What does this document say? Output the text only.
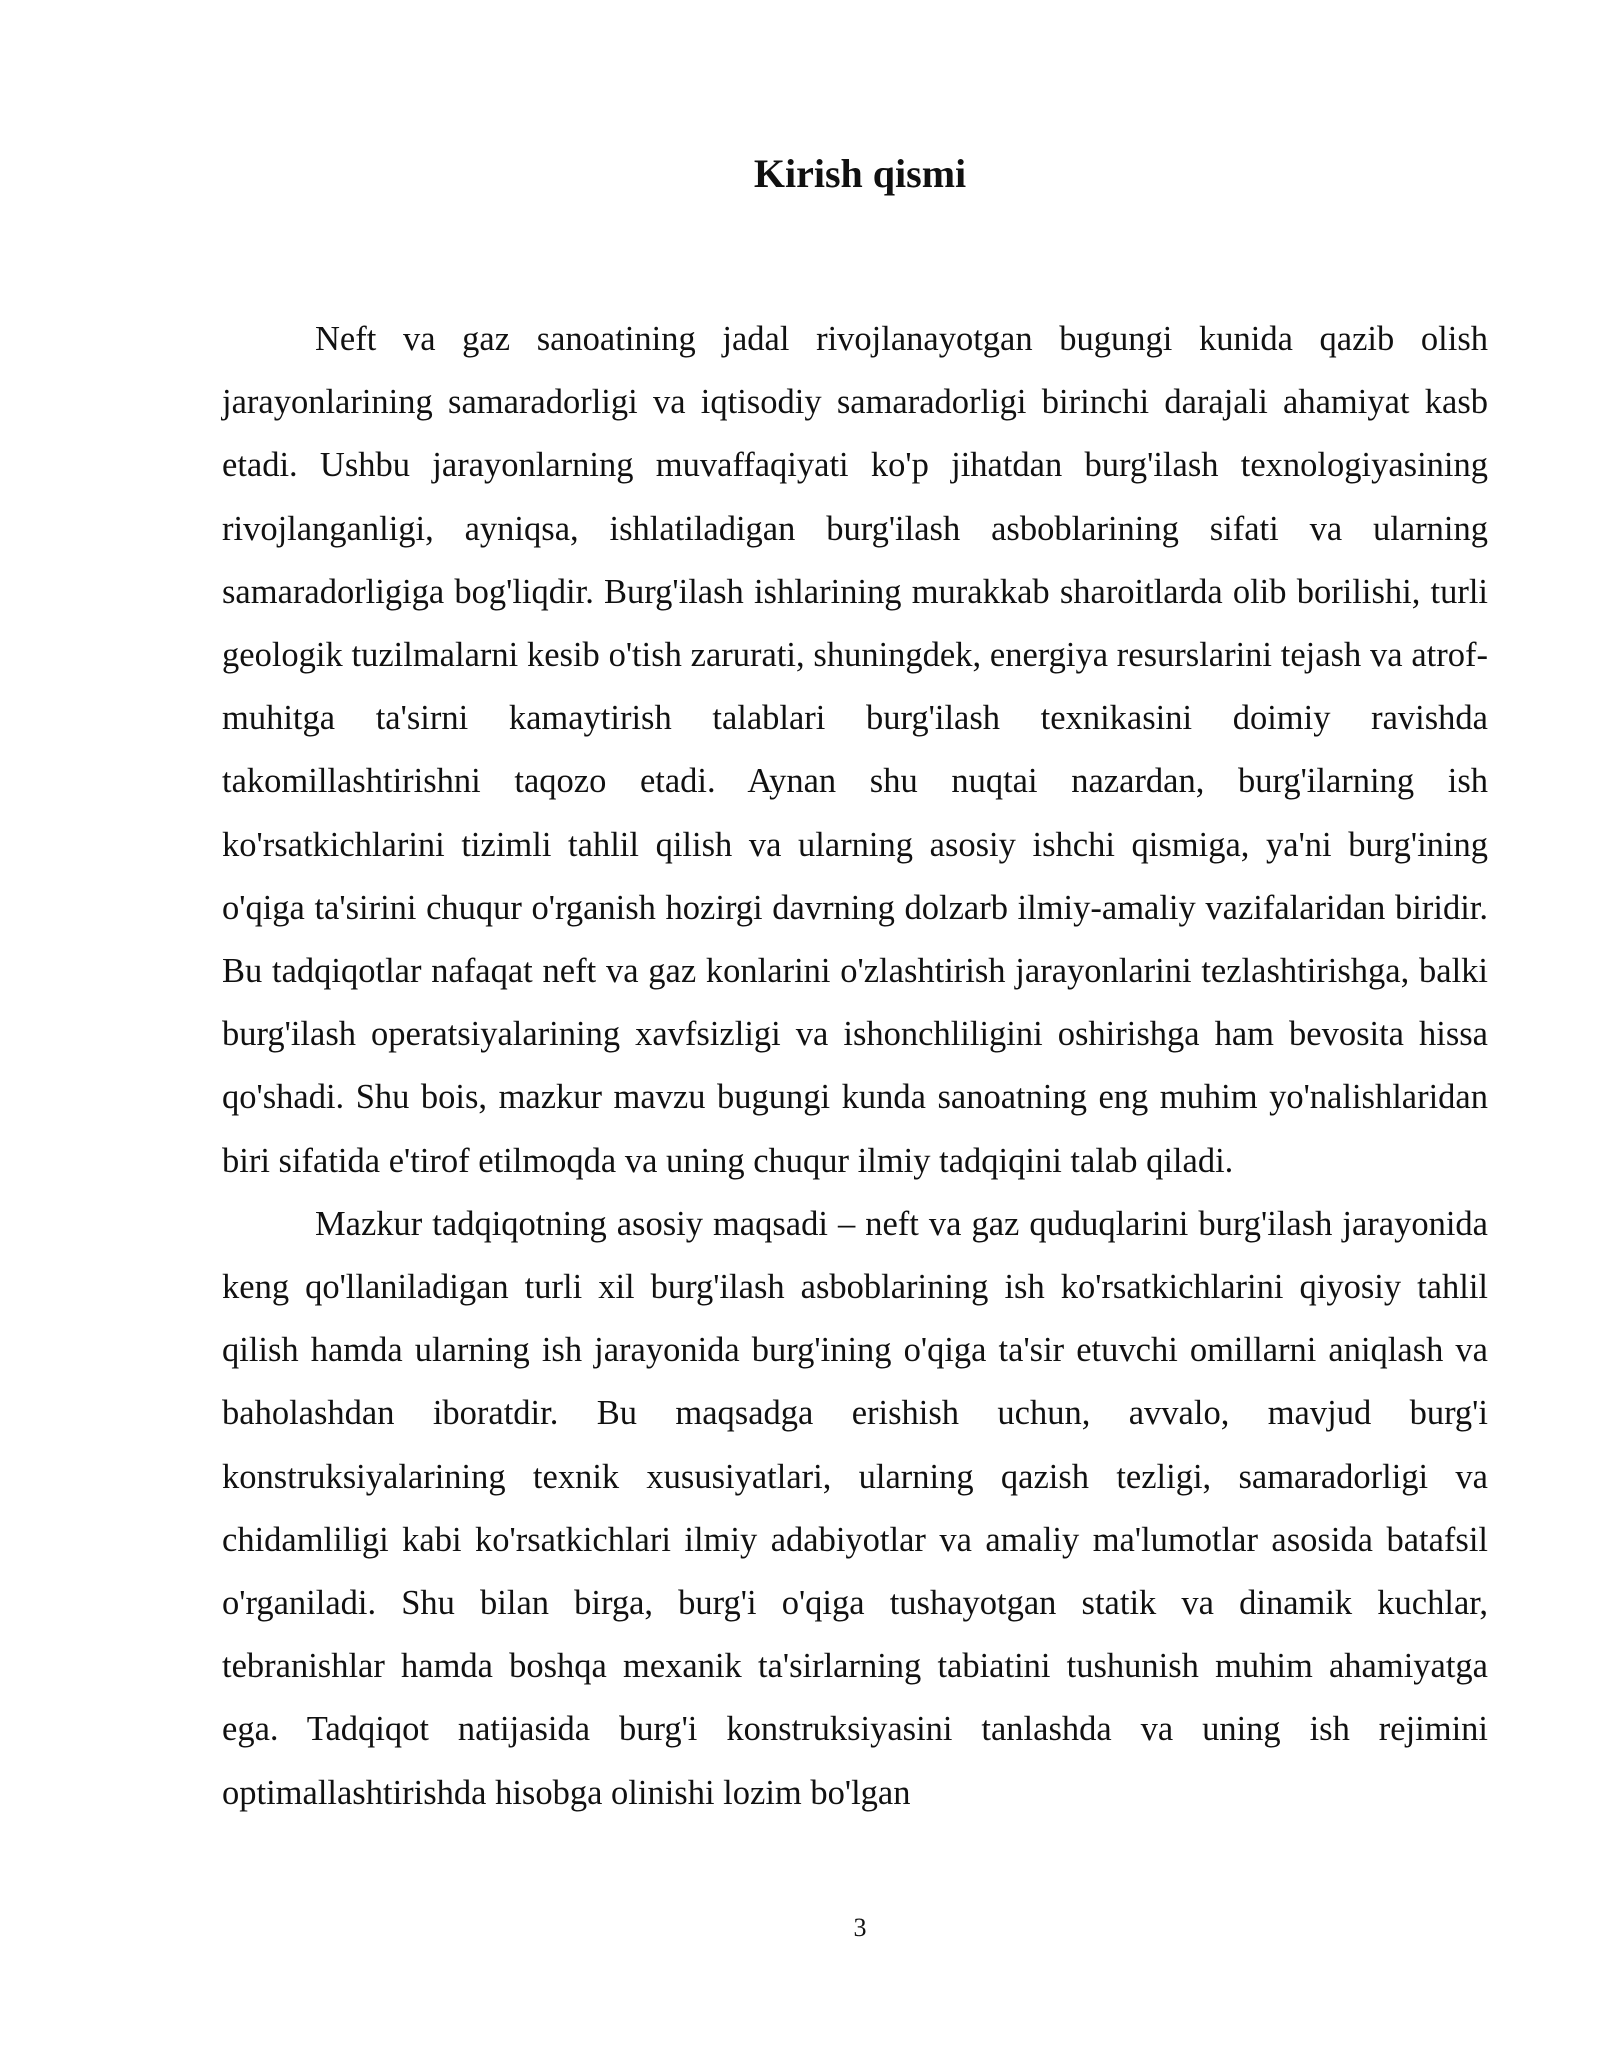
Kirish qismi

Neft va gaz sanoatining jadal rivojlanayotgan bugungi kunida qazib olish jarayonlarining samaradorligi va iqtisodiy samaradorligi birinchi darajali ahamiyat kasb etadi. Ushbu jarayonlarning muvaffaqiyati ko'p jihatdan burg'ilash texnologiyasining rivojlanganligi, ayniqsa, ishlatiladigan burg'ilash asboblarining sifati va ularning samaradorligiga bog'liqdir. Burg'ilash ishlarining murakkab sharoitlarda olib borilishi, turli geologik tuzilmalarni kesib o'tish zarurati, shuningdek, energiya resurslarini tejash va atrof-muhitga ta'sirni kamaytirish talablari burg'ilash texnikasini doimiy ravishda takomillashtirishni taqozo etadi. Aynan shu nuqtai nazardan, burg'ilarning ish ko'rsatkichlarini tizimli tahlil qilish va ularning asosiy ishchi qismiga, ya'ni burg'ining o'qiga ta'sirini chuqur o'rganish hozirgi davrning dolzarb ilmiy-amaliy vazifalaridan biridir. Bu tadqiqotlar nafaqat neft va gaz konlarini o'zlashtirish jarayonlarini tezlashtirishga, balki burg'ilash operatsiyalarining xavfsizligi va ishonchliligini oshirishga ham bevosita hissa qo'shadi. Shu bois, mazkur mavzu bugungi kunda sanoatning eng muhim yo'nalishlaridan biri sifatida e'tirof etilmoqda va uning chuqur ilmiy tadqiqini talab qiladi.

Mazkur tadqiqotning asosiy maqsadi – neft va gaz quduqlarini burg'ilash jarayonida keng qo'llaniladigan turli xil burg'ilash asboblarining ish ko'rsatkichlarini qiyosiy tahlil qilish hamda ularning ish jarayonida burg'ining o'qiga ta'sir etuvchi omillarni aniqlash va baholashdan iboratdir. Bu maqsadga erishish uchun, avvalo, mavjud burg'i konstruksiyalarining texnik xususiyatlari, ularning qazish tezligi, samaradorligi va chidamliligi kabi ko'rsatkichlari ilmiy adabiyotlar va amaliy ma'lumotlar asosida batafsil o'rganiladi. Shu bilan birga, burg'i o'qiga tushayotgan statik va dinamik kuchlar, tebranishlar hamda boshqa mexanik ta'sirlarning tabiatini tushunish muhim ahamiyatga ega. Tadqiqot natijasida burg'i konstruksiyasini tanlashda va uning ish rejimini optimallashtirishda hisobga olinishi lozim bo'lgan

3
